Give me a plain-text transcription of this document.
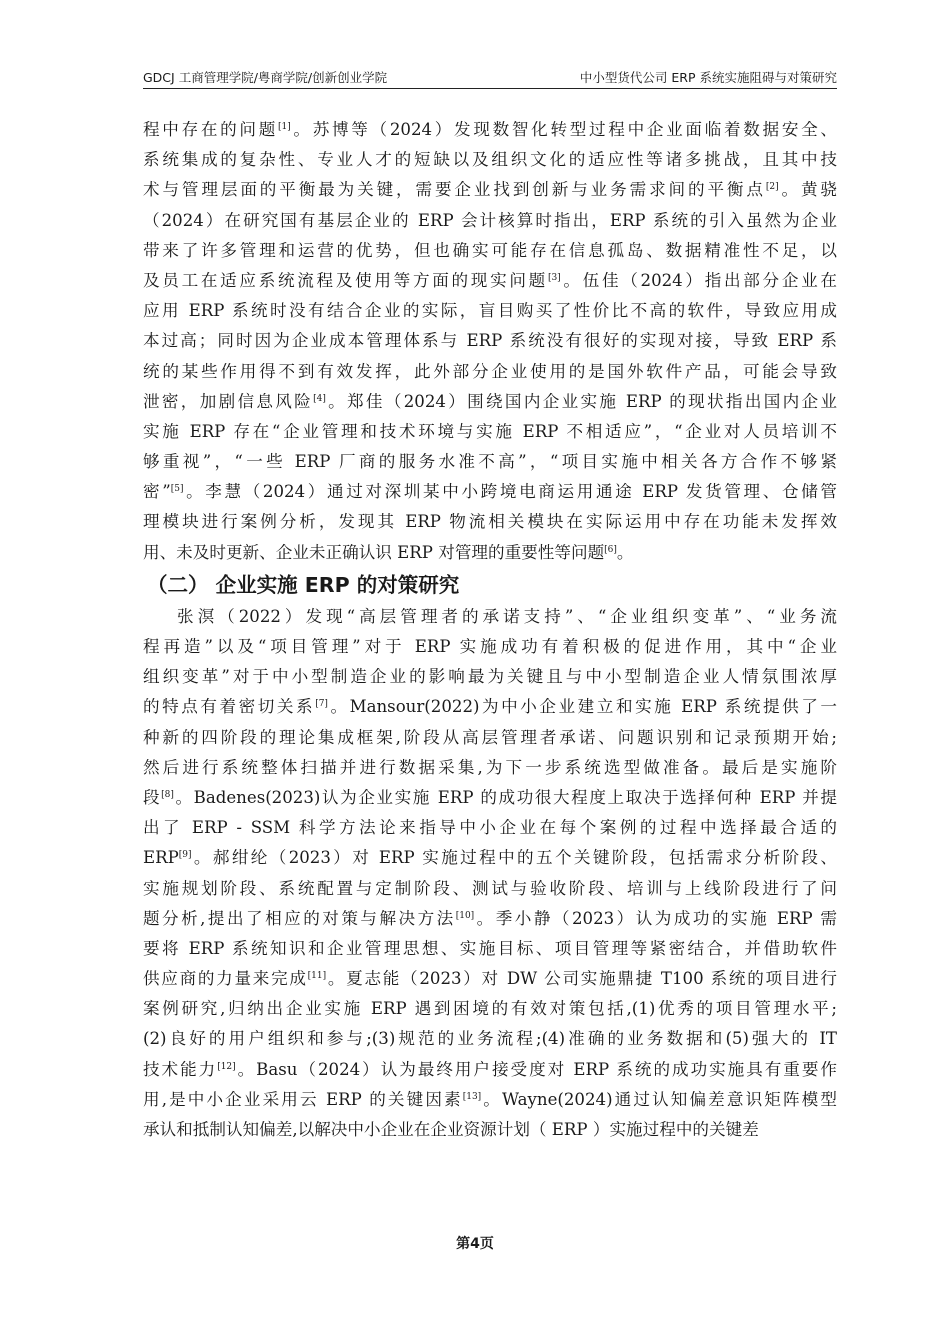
GDCJ 工商管理学院/粤商学院/创新创业学院	中小型货代公司 ERP 系统实施阻碍与对策研究
程中存在的问题[1]。苏博等（2024）发现数智化转型过程中企业面临着数据安全、
系统集成的复杂性、专业人才的短缺以及组织文化的适应性等诸多挑战，且其中技
术与管理层面的平衡最为关键，需要企业找到创新与业务需求间的平衡点[2]。黄骁
（2024）在研究国有基层企业的 ERP 会计核算时指出，ERP 系统的引入虽然为企业
带来了许多管理和运营的优势，但也确实可能存在信息孤岛、数据精准性不足，以
及员工在适应系统流程及使用等方面的现实问题[3]。伍佳（2024）指出部分企业在
应用 ERP 系统时没有结合企业的实际，盲目购买了性价比不高的软件，导致应用成
本过高；同时因为企业成本管理体系与 ERP 系统没有很好的实现对接，导致 ERP 系
统的某些作用得不到有效发挥，此外部分企业使用的是国外软件产品，可能会导致
泄密，加剧信息风险[4]。郑佳（2024）围绕国内企业实施 ERP 的现状指出国内企业
实施 ERP 存在“企业管理和技术环境与实施 ERP 不相适应”，“企业对人员培训不
够重视”，“一些 ERP 厂商的服务水准不高”，“项目实施中相关各方合作不够紧
密”[5]。李慧（2024）通过对深圳某中小跨境电商运用通途 ERP 发货管理、仓储管
理模块进行案例分析，发现其 ERP 物流相关模块在实际运用中存在功能未发挥效
用、未及时更新、企业未正确认识 ERP 对管理的重要性等问题[6]。
（二） 企业实施 ERP 的对策研究
张溟（2022）发现“高层管理者的承诺支持”、“企业组织变革”、“业务流
程再造”以及“项目管理”对于 ERP 实施成功有着积极的促进作用，其中“企业
组织变革”对于中小型制造企业的影响最为关键且与中小型制造企业人情氛围浓厚
的特点有着密切关系[7]。Mansour(2022)为中小企业建立和实施 ERP 系统提供了一
种新的四阶段的理论集成框架,阶段从高层管理者承诺、问题识别和记录预期开始;
然后进行系统整体扫描并进行数据采集,为下一步系统选型做准备。最后是实施阶
段[8]。Badenes(2023)认为企业实施 ERP 的成功很大程度上取决于选择何种 ERP 并提
出了 ERP - SSM 科学方法论来指导中小企业在每个案例的过程中选择最合适的
ERP[9]。郝绀纶（2023）对 ERP 实施过程中的五个关键阶段，包括需求分析阶段、
实施规划阶段、系统配置与定制阶段、测试与验收阶段、培训与上线阶段进行了问
题分析,提出了相应的对策与解决方法[10]。季小静（2023）认为成功的实施 ERP 需
要将 ERP 系统知识和企业管理思想、实施目标、项目管理等紧密结合，并借助软件
供应商的力量来完成[11]。夏志能（2023）对 DW 公司实施鼎捷 T100 系统的项目进行
案例研究,归纳出企业实施 ERP 遇到困境的有效对策包括,(1)优秀的项目管理水平;
(2)良好的用户组织和参与;(3)规范的业务流程;(4)准确的业务数据和(5)强大的 IT
技术能力[12]。Basu（2024）认为最终用户接受度对 ERP 系统的成功实施具有重要作
用,是中小企业采用云 ERP 的关键因素[13]。Wayne(2024)通过认知偏差意识矩阵模型
承认和抵制认知偏差,以解决中小企业在企业资源计划（ ERP ）实施过程中的关键差
第4页
